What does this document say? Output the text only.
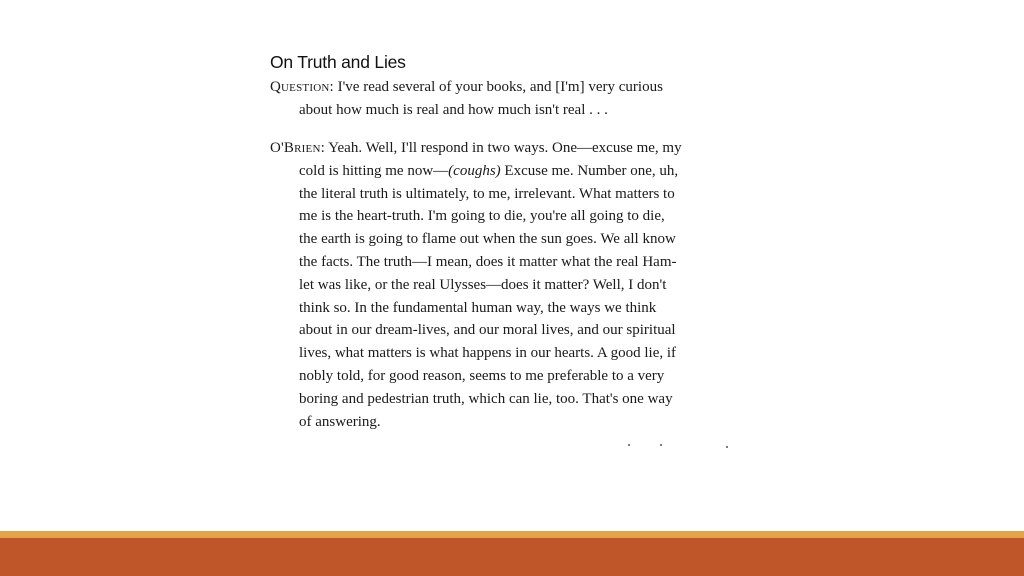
On Truth and Lies
Question: I've read several of your books, and [I'm] very curious
about how much is real and how much isn't real . . .
O'Brien: Yeah. Well, I'll respond in two ways. One—excuse me, my
cold is hitting me now—(coughs) Excuse me. Number one, uh,
the literal truth is ultimately, to me, irrelevant. What matters to
me is the heart-truth. I'm going to die, you're all going to die,
the earth is going to flame out when the sun goes. We all know
the facts. The truth—I mean, does it matter what the real Ham-
let was like, or the real Ulysses—does it matter? Well, I don't
think so. In the fundamental human way, the ways we think
about in our dream-lives, and our moral lives, and our spiritual
lives, what matters is what happens in our hearts. A good lie, if
nobly told, for good reason, seems to me preferable to a very
boring and pedestrian truth, which can lie, too. That's one way
of answering.
